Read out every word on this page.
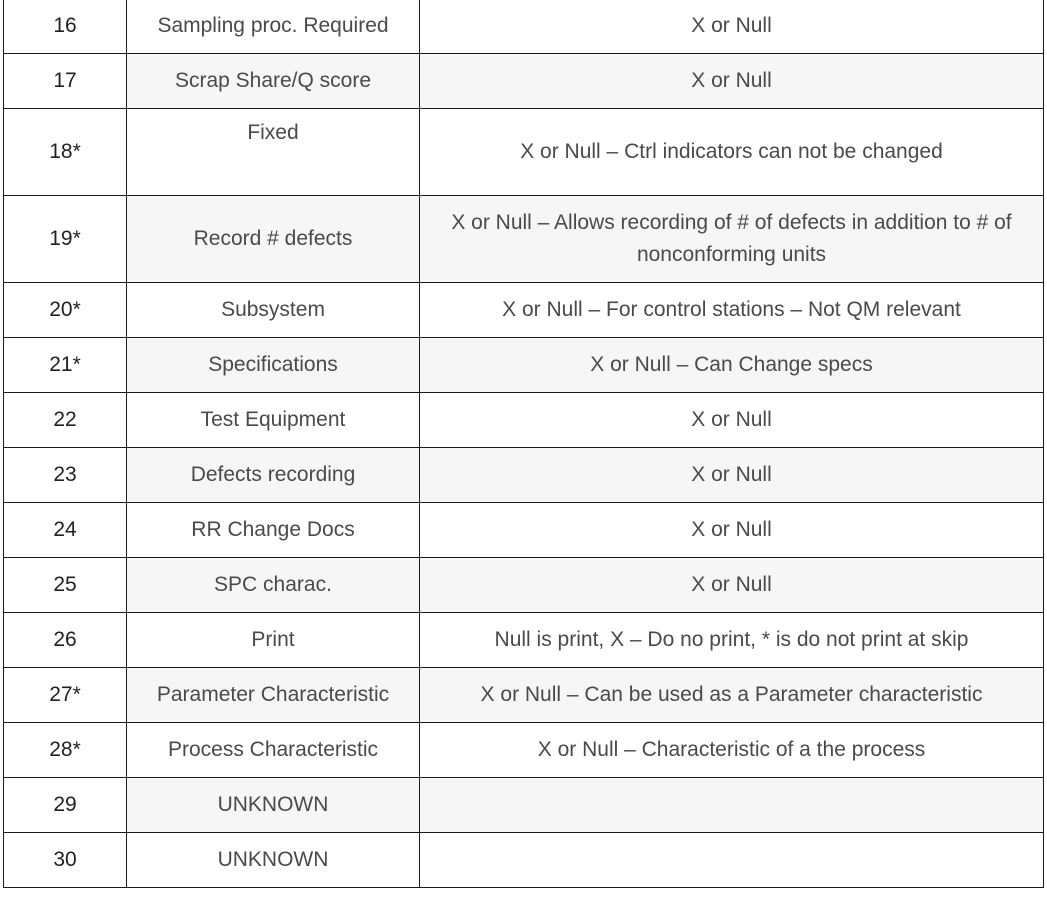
16	Sampling proc. Required	X or Null
17	Scrap Share/Q score	X or Null
18*	Fixed	X or Null – Ctrl indicators can not be changed
19*	Record # defects	X or Null – Allows recording of # of defects in addition to # of nonconforming units
20*	Subsystem	X or Null – For control stations – Not QM relevant
21*	Specifications	X or Null – Can Change specs
22	Test Equipment	X or Null
23	Defects recording	X or Null
24	RR Change Docs	X or Null
25	SPC charac.	X or Null
26	Print	Null is print, X – Do no print, * is do not print at skip
27*	Parameter Characteristic	X or Null – Can be used as a Parameter characteristic
28*	Process Characteristic	X or Null – Characteristic of a the process
29	UNKNOWN	
30	UNKNOWN	
